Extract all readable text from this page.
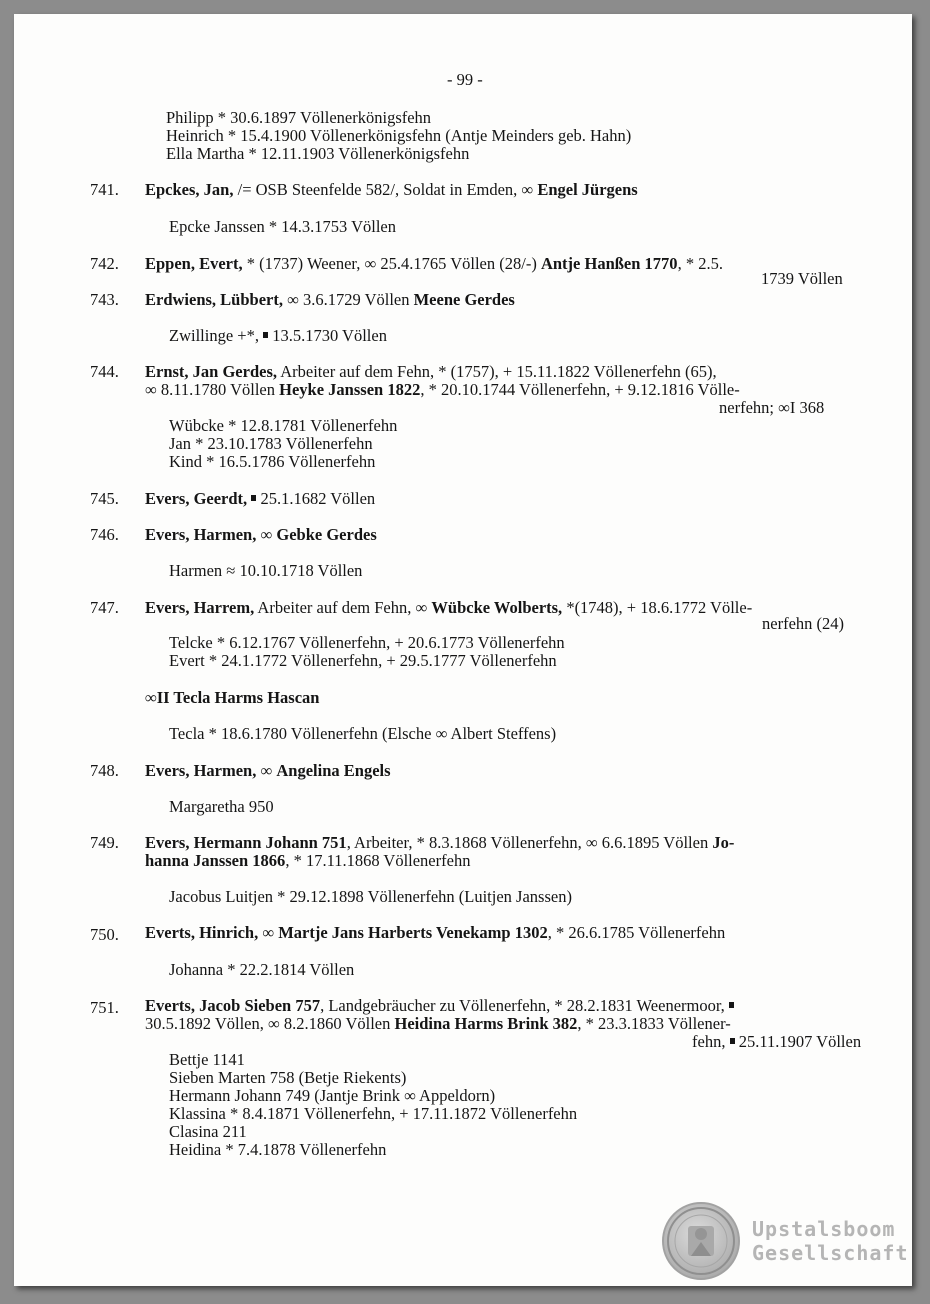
- 99 -
Philipp * 30.6.1897 Völlenerkönigsfehn
Heinrich * 15.4.1900 Völlenerkönigsfehn (Antje Meinders geb. Hahn)
Ella Martha * 12.11.1903 Völlenerkönigsfehn
741. Epckes, Jan, /= OSB Steenfelde 582/, Soldat in Emden, ∞ Engel Jürgens
Epcke Janssen * 14.3.1753 Völlen
742. Eppen, Evert, * (1737) Weener, ∞ 25.4.1765 Völlen (28/-) Antje Hanßen 1770, * 2.5.
1739 Völlen
743. Erdwiens, Lübbert, ∞ 3.6.1729 Völlen Meene Gerdes
Zwillinge +*,  13.5.1730 Völlen
744. Ernst, Jan Gerdes, Arbeiter auf dem Fehn, * (1757), + 15.11.1822 Völlenerfehn (65),
∞ 8.11.1780 Völlen Heyke Janssen 1822, * 20.10.1744 Völlenerfehn, + 9.12.1816 Völle-
nerfehn; ∞I 368
Wübcke * 12.8.1781 Völlenerfehn
Jan * 23.10.1783 Völlenerfehn
Kind * 16.5.1786 Völlenerfehn
745. Evers, Geerdt,  25.1.1682 Völlen
746. Evers, Harmen, ∞ Gebke Gerdes
Harmen ≈ 10.10.1718 Völlen
747. Evers, Harrem, Arbeiter auf dem Fehn, ∞ Wübcke Wolberts, *(1748), + 18.6.1772 Völle-
nerfehn (24)
Telcke * 6.12.1767 Völlenerfehn, + 20.6.1773 Völlenerfehn
Evert * 24.1.1772 Völlenerfehn, + 29.5.1777 Völlenerfehn
∞II Tecla Harms Hascan
Tecla * 18.6.1780 Völlenerfehn (Elsche ∞ Albert Steffens)
748. Evers, Harmen, ∞ Angelina Engels
Margaretha 950
749. Evers, Hermann Johann 751, Arbeiter, * 8.3.1868 Völlenerfehn, ∞ 6.6.1895 Völlen Jo-
hanna Janssen 1866, * 17.11.1868 Völlenerfehn
Jacobus Luitjen * 29.12.1898 Völlenerfehn (Luitjen Janssen)
750. Everts, Hinrich, ∞ Martje Jans Harberts Venekamp 1302, * 26.6.1785 Völlenerfehn
Johanna * 22.2.1814 Völlen
751. Everts, Jacob Sieben 757, Landgebräucher zu Völlenerfehn, * 28.2.1831 Weenermoor,
30.5.1892 Völlen, ∞ 8.2.1860 Völlen Heidina Harms Brink 382, * 23.3.1833 Völlener-
fehn,  25.11.1907 Völlen
Bettje 1141
Sieben Marten 758 (Betje Riekents)
Hermann Johann 749 (Jantje Brink ∞ Appeldorn)
Klassina * 8.4.1871 Völlenerfehn, + 17.11.1872 Völlenerfehn
Clasina 211
Heidina * 7.4.1878 Völlenerfehn
Upstalsboom
Gesellschaft
